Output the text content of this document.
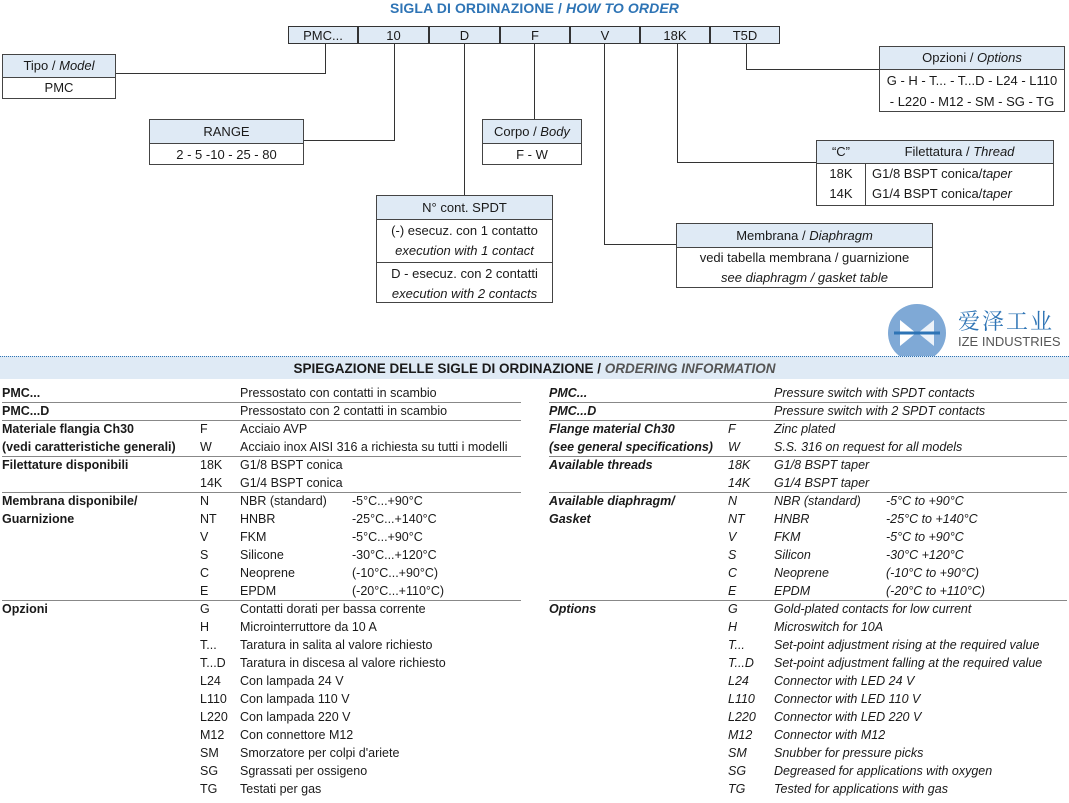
SIGLA DI ORDINAZIONE / HOW TO ORDER
PMC...	10	D	F	V	18K	T5D
Tipo / Model
PMC
RANGE
2 - 5 -10 - 25 - 80
Corpo / Body
F - W
N° cont. SPDT
(-) esecuz. con 1 contatto
execution with 1 contact
D - esecuz. con 2 contatti
execution with 2 contacts
Membrana / Diaphragm
vedi tabella membrana / guarnizione
see diaphragm / gasket table
“C”	Filettatura / Thread
18K	G1/8 BSPT conica/taper
14K	G1/4 BSPT conica/taper
Opzioni / Options
G - H - T... - T...D - L24 - L110
- L220 - M12 - SM - SG - TG
爱泽工业
IZE INDUSTRIES
SPIEGAZIONE DELLE SIGLE DI ORDINAZIONE / ORDERING INFORMATION
PMC...	Pressostato con contatti in scambio
PMC...D	Pressostato con 2 contatti in scambio
Materiale flangia Ch30	F	Acciaio AVP
(vedi caratteristiche generali) W Acciaio inox AISI 316 a richiesta su tutti i modelli
Filettature disponibili	18K G1/8 BSPT conica
14K G1/4 BSPT conica
Membrana disponibile/	N NBR (standard) -5°C...+90°C
Guarnizione	NT HNBR	-25°C...+140°C
V	FKM	-5°C...+90°C
S	Silicone	-30°C...+120°C
C Neoprene	(-10°C...+90°C)
E	EPDM	(-20°C...+110°C)
Opzioni	G Contatti dorati per bassa corrente
H Microinterruttore da 10 A
T... Taratura in salita al valore richiesto
T...D Taratura in discesa al valore richiesto
L24 Con lampada 24 V
L110 Con lampada 110 V
L220 Con lampada 220 V
M12 Con connettore M12
SM Smorzatore per colpi d'ariete
SG Sgrassati per ossigeno
TG Testati per gas
PMC...	Pressure switch with SPDT contacts
PMC...D	Pressure switch with 2 SPDT contacts
Flange material Ch30	F	Zinc plated
(see general specifications) W	S.S. 316 on request for all models
Available threads	18K G1/8 BSPT taper
14K G1/4 BSPT taper
Available diaphragm/	N	NBR (standard) -5°C to +90°C
Gasket	NT HNBR	-25°C to +140°C
V	FKM	-5°C to +90°C
S	Silicon	-30°C +120°C
C	Neoprene	(-10°C to +90°C)
E	EPDM	(-20°C to +110°C)
Options	G	Gold-plated contacts for low current
H	Microswitch for 10A
T... Set-point adjustment rising at the required value
T...D Set-point adjustment falling at the required value
L24 Connector with LED 24 V
L110 Connector with LED 110 V
L220 Connector with LED 220 V
M12 Connector with M12
SM Snubber for pressure picks
SG Degreased for applications with oxygen
TG Tested for applications with gas
